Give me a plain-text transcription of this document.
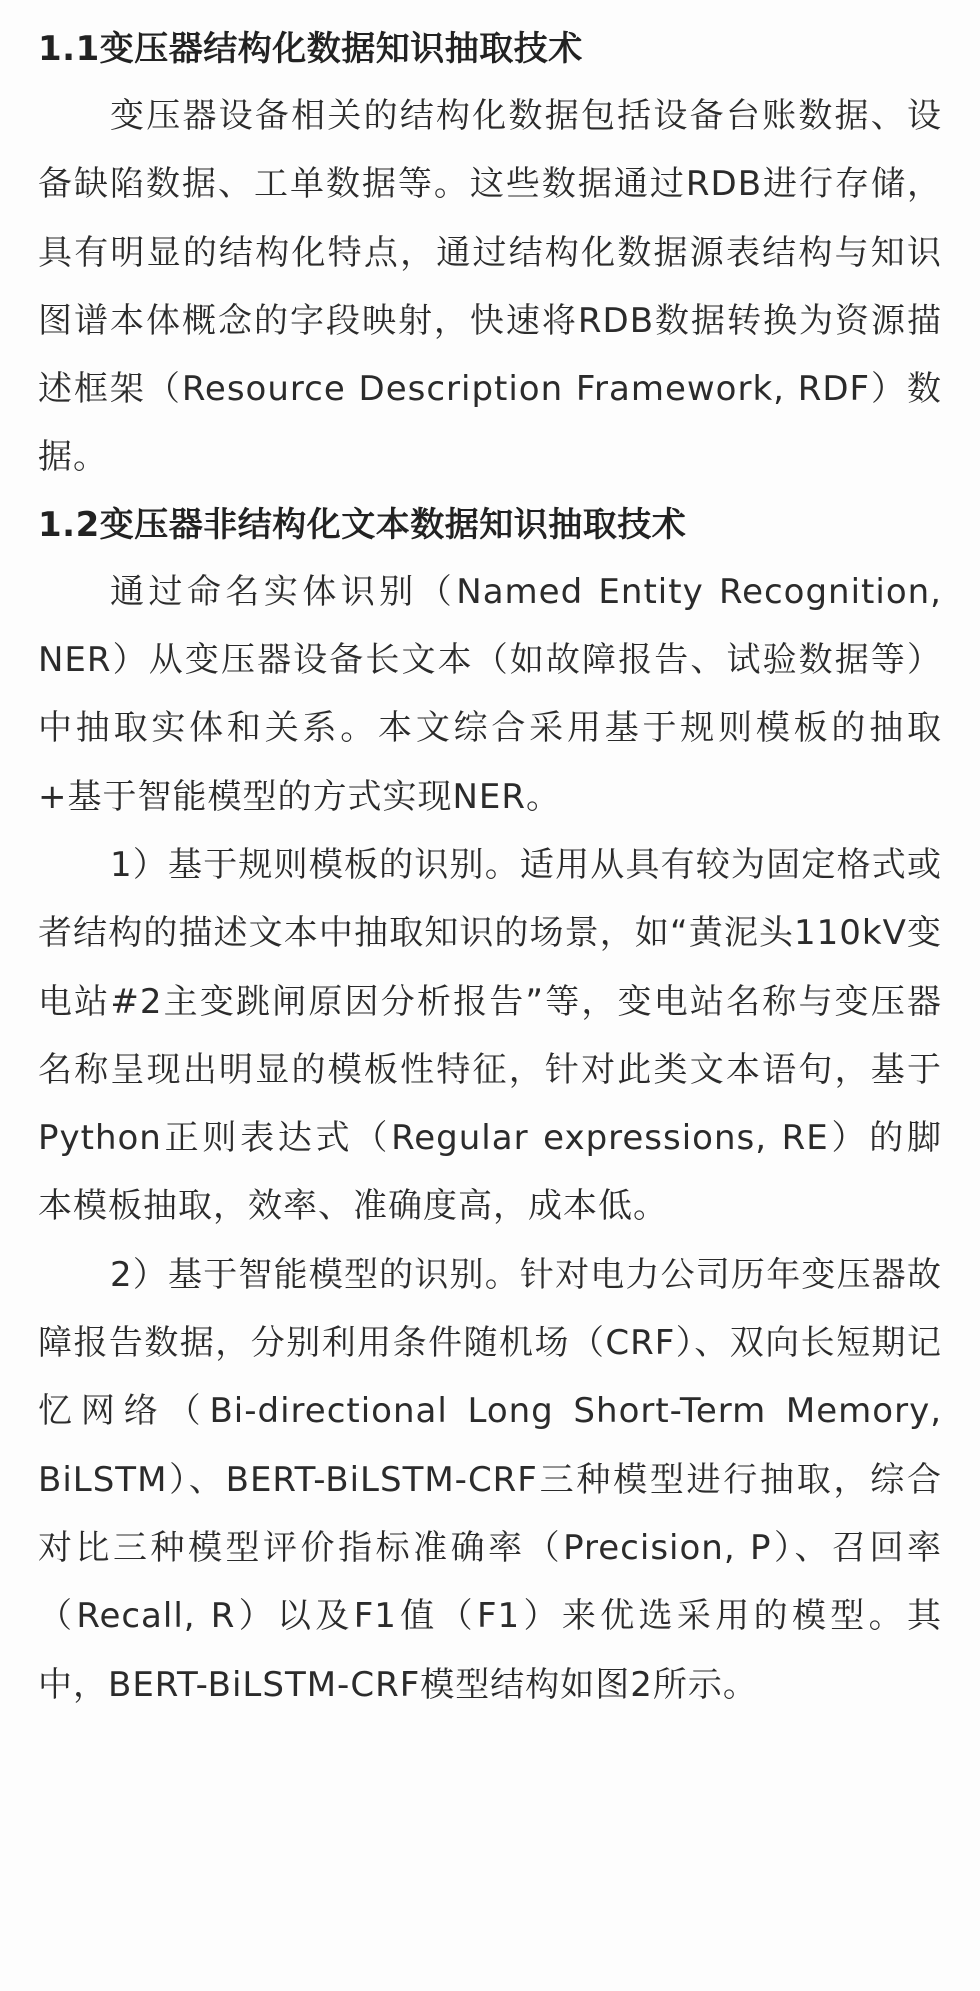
1.1变压器结构化数据知识抽取技术

变压器设备相关的结构化数据包括设备台账数据、设备缺陷数据、工单数据等。这些数据通过RDB进行存储，具有明显的结构化特点，通过结构化数据源表结构与知识图谱本体概念的字段映射，快速将RDB数据转换为资源描述框架（Resource Description Framework, RDF）数据。

1.2变压器非结构化文本数据知识抽取技术

通过命名实体识别（Named Entity Recognition, NER）从变压器设备长文本（如故障报告、试验数据等）中抽取实体和关系。本文综合采用基于规则模板的抽取+基于智能模型的方式实现NER。

1）基于规则模板的识别。适用从具有较为固定格式或者结构的描述文本中抽取知识的场景，如“黄泥头110kV变电站#2主变跳闸原因分析报告”等，变电站名称与变压器名称呈现出明显的模板性特征，针对此类文本语句，基于Python正则表达式（Regular expressions, RE）的脚本模板抽取，效率、准确度高，成本低。

2）基于智能模型的识别。针对电力公司历年变压器故障报告数据，分别利用条件随机场（CRF）、双向长短期记忆网络（Bi-directional Long Short-Term Memory, BiLSTM）、BERT-BiLSTM-CRF三种模型进行抽取，综合对比三种模型评价指标准确率（Precision, P）、召回率（Recall, R）以及F1值（F1）来优选采用的模型。其中，BERT-BiLSTM-CRF模型结构如图2所示。
